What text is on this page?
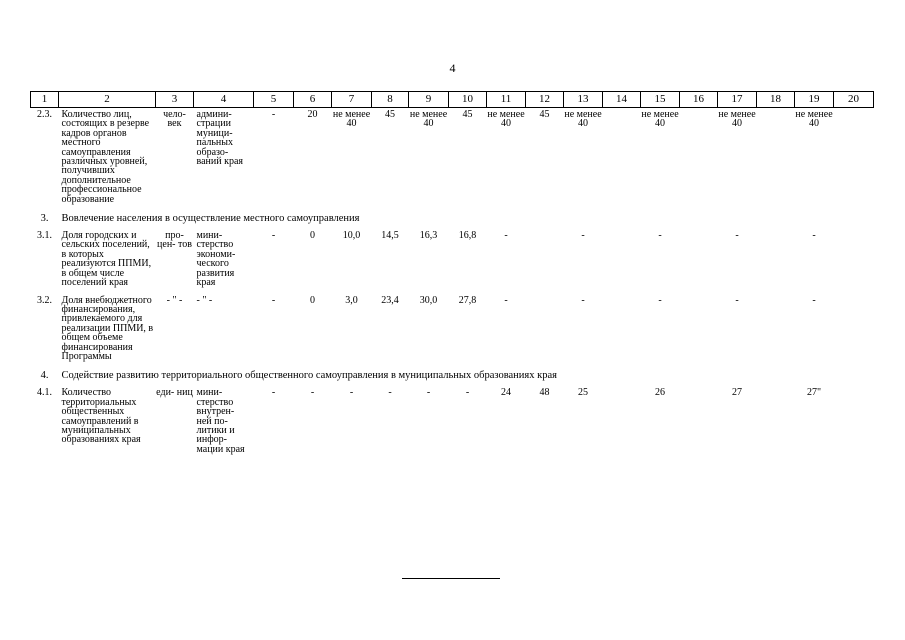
4
1	2	3	4	5	6	7	8	9	10	11	12	13	14	15	16	17	18	19	20
2.3.	Количество лиц, состоящих в резерве кадров органов местного самоуправления различных уровней, получивших дополнительное профессиональное образование	чело- век	админи- страции муници- пальных образо- ваний края	-	20	не менее 40	45	не менее 40	45	не менее 40	45	не менее 40		не менее 40		не менее 40		не менее 40	
3.	Вовлечение населения в осуществление местного самоуправления																		
3.1.	Доля городских и сельских поселений, в которых реализуются ППМИ, в общем числе поселений края	про- цен- тов	мини- стерство экономи- ческого развития края	-	0	10,0	14,5	16,3	16,8	-		-		-		-		-	
3.2.	Доля внебюджетного финансирования, привлекаемого для реализации ППМИ, в общем объеме финансирования Программы	- " -	- " -	-	0	3,0	23,4	30,0	27,8	-		-		-		-		-	
4.	Содействие развитию территориального общественного самоуправления в муниципальных образованиях края																		
4.1.	Количество территориальных общественных самоуправлений в муниципальных образованиях края	еди- ниц	мини- стерство внутрен- ней по- литики и инфор- мации края	-	-	-	-	-	-	24	48	25		26		27		27"	
